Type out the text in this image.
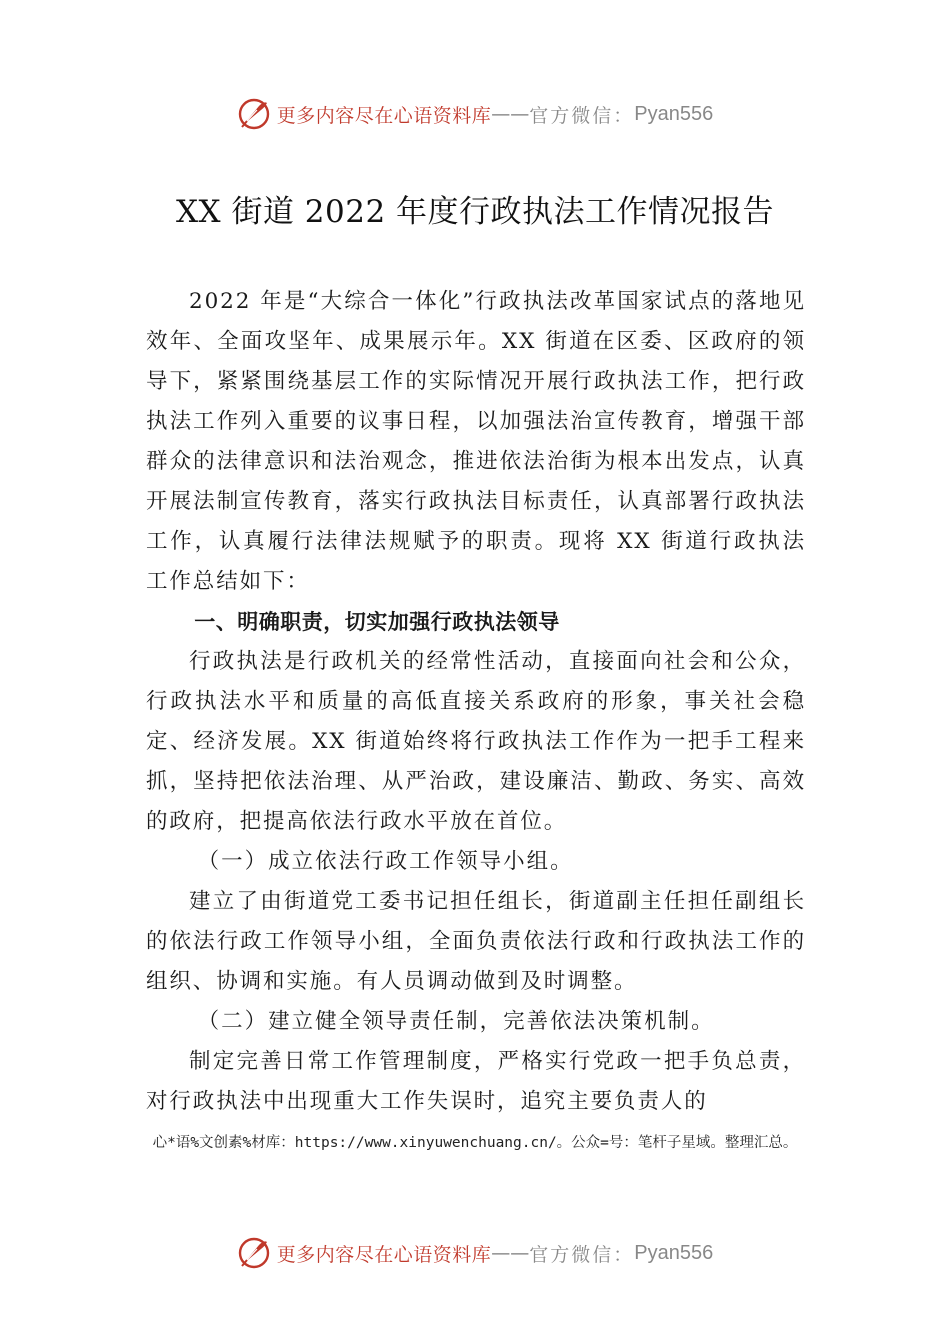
更多内容尽在心语资料库 —— 官方微信： Pyan556
XX 街道 2022 年度行政执法工作情况报告

2022 年是“大综合一体化”行政执法改革国家试点的落地见效年、全面攻坚年、成果展示年。XX 街道在区委、区政府的领导下，紧紧围绕基层工作的实际情况开展行政执法工作，把行政执法工作列入重要的议事日程，以加强法治宣传教育，增强干部群众的法律意识和法治观念，推进依法治街为根本出发点，认真开展法制宣传教育，落实行政执法目标责任，认真部署行政执法工作，认真履行法律法规赋予的职责。现将 XX 街道行政执法工作总结如下：

一、明确职责，切实加强行政执法领导

行政执法是行政机关的经常性活动，直接面向社会和公众，行政执法水平和质量的高低直接关系政府的形象，事关社会稳定、经济发展。XX 街道始终将行政执法工作作为一把手工程来抓，坚持把依法治理、从严治政，建设廉洁、勤政、务实、高效的政府，把提高依法行政水平放在首位。

（一）成立依法行政工作领导小组。

建立了由街道党工委书记担任组长，街道副主任担任副组长的依法行政工作领导小组，全面负责依法行政和行政执法工作的组织、协调和实施。有人员调动做到及时调整。

（二）建立健全领导责任制，完善依法决策机制。

制定完善日常工作管理制度，严格实行党政一把手负总责，对行政执法中出现重大工作失误时，追究主要负责人的

心*语%文创素%材库：https://www.xinyuwenchuang.cn/。公众=号：笔杆子星域。整理汇总。
更多内容尽在心语资料库 —— 官方微信： Pyan556
